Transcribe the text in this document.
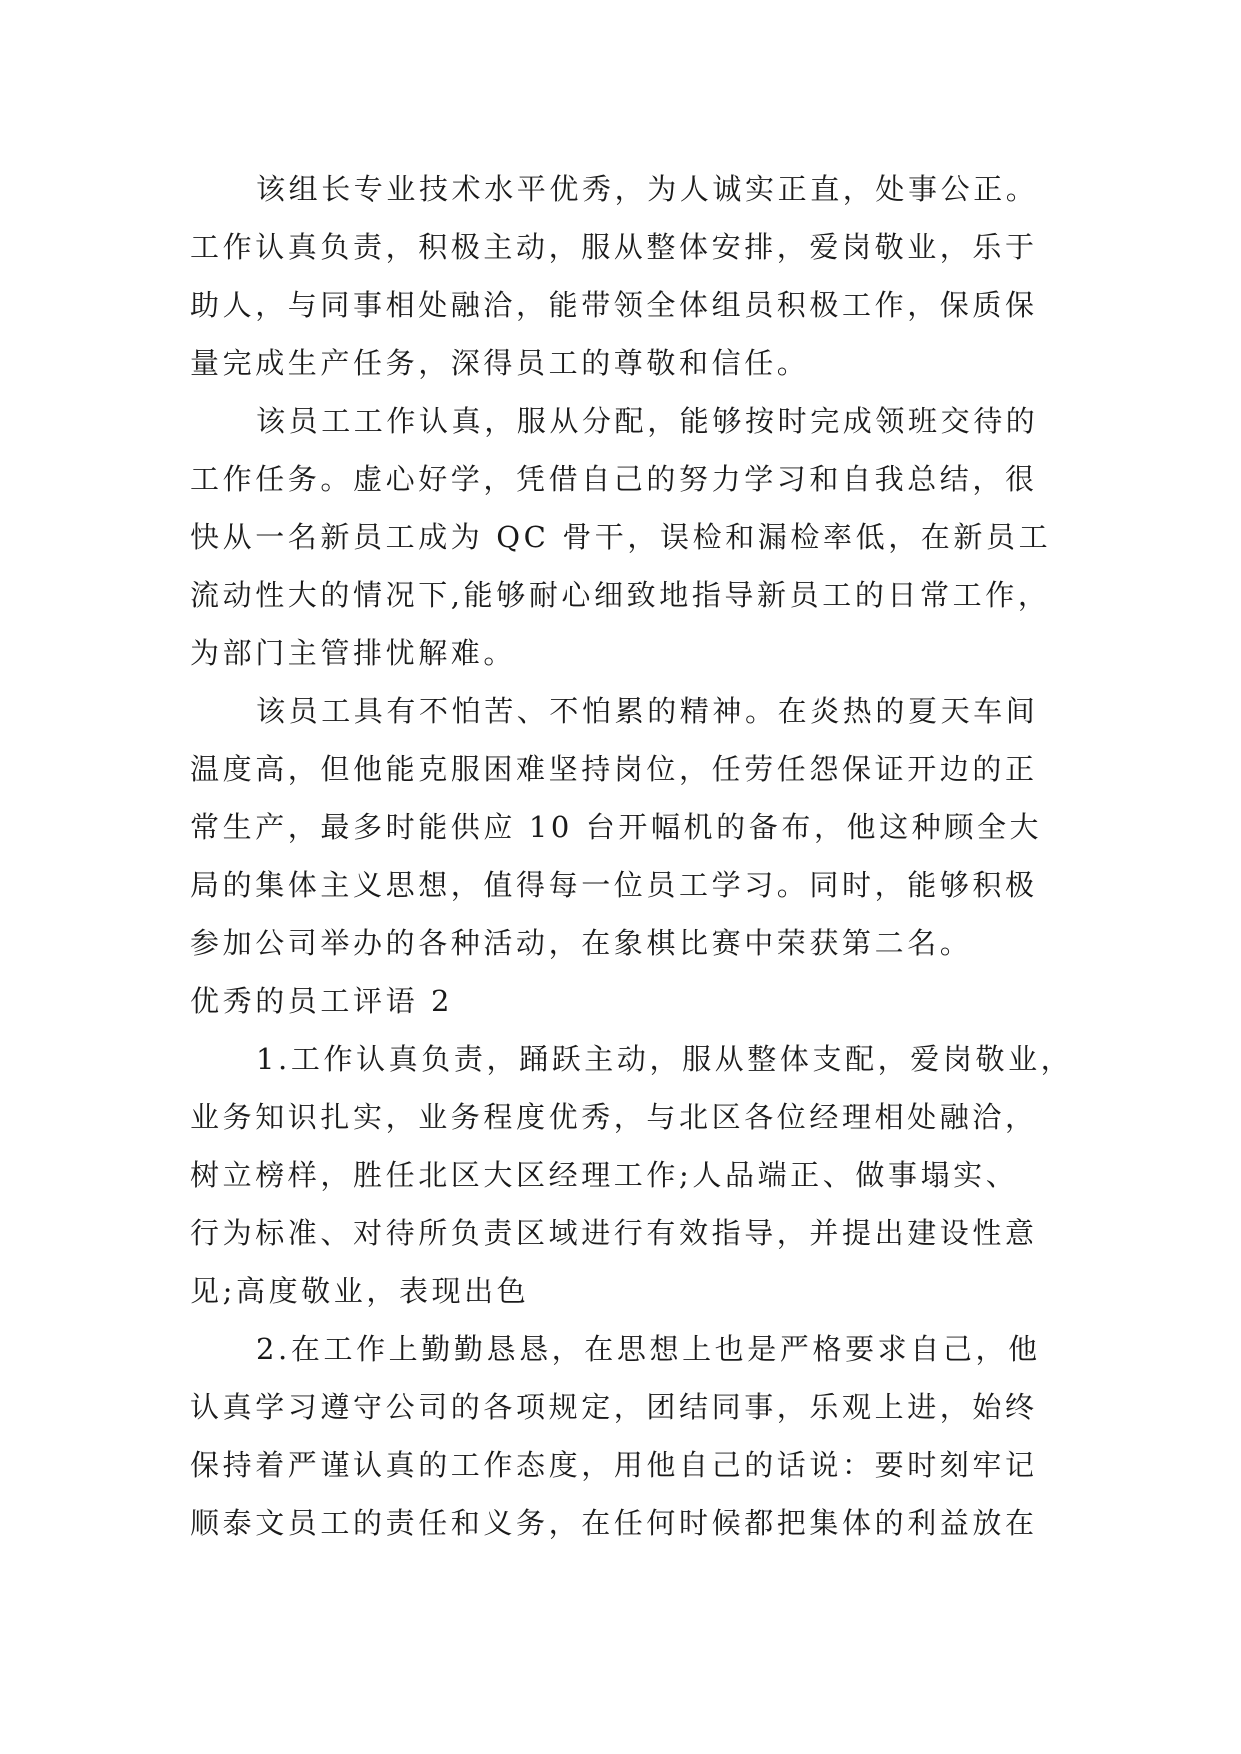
该组长专业技术水平优秀，为人诚实正直，处事公正。
工作认真负责，积极主动，服从整体安排，爱岗敬业，乐于
助人，与同事相处融洽，能带领全体组员积极工作，保质保
量完成生产任务，深得员工的尊敬和信任。
该员工工作认真，服从分配，能够按时完成领班交待的
工作任务。虚心好学，凭借自己的努力学习和自我总结，很
快从一名新员工成为 QC 骨干，误检和漏检率低，在新员工
流动性大的情况下,能够耐心细致地指导新员工的日常工作，
为部门主管排忧解难。
该员工具有不怕苦、不怕累的精神。在炎热的夏天车间
温度高，但他能克服困难坚持岗位，任劳任怨保证开边的正
常生产，最多时能供应 10 台开幅机的备布，他这种顾全大
局的集体主义思想，值得每一位员工学习。同时，能够积极
参加公司举办的各种活动，在象棋比赛中荣获第二名。
优秀的员工评语 2
1.工作认真负责，踊跃主动，服从整体支配，爱岗敬业，
业务知识扎实，业务程度优秀，与北区各位经理相处融洽，
树立榜样，胜任北区大区经理工作;人品端正、做事塌实、
行为标准、对待所负责区域进行有效指导，并提出建设性意
见;高度敬业，表现出色
2.在工作上勤勤恳恳，在思想上也是严格要求自己，他
认真学习遵守公司的各项规定，团结同事，乐观上进，始终
保持着严谨认真的工作态度，用他自己的话说：要时刻牢记
顺泰文员工的责任和义务，在任何时候都把集体的利益放在
